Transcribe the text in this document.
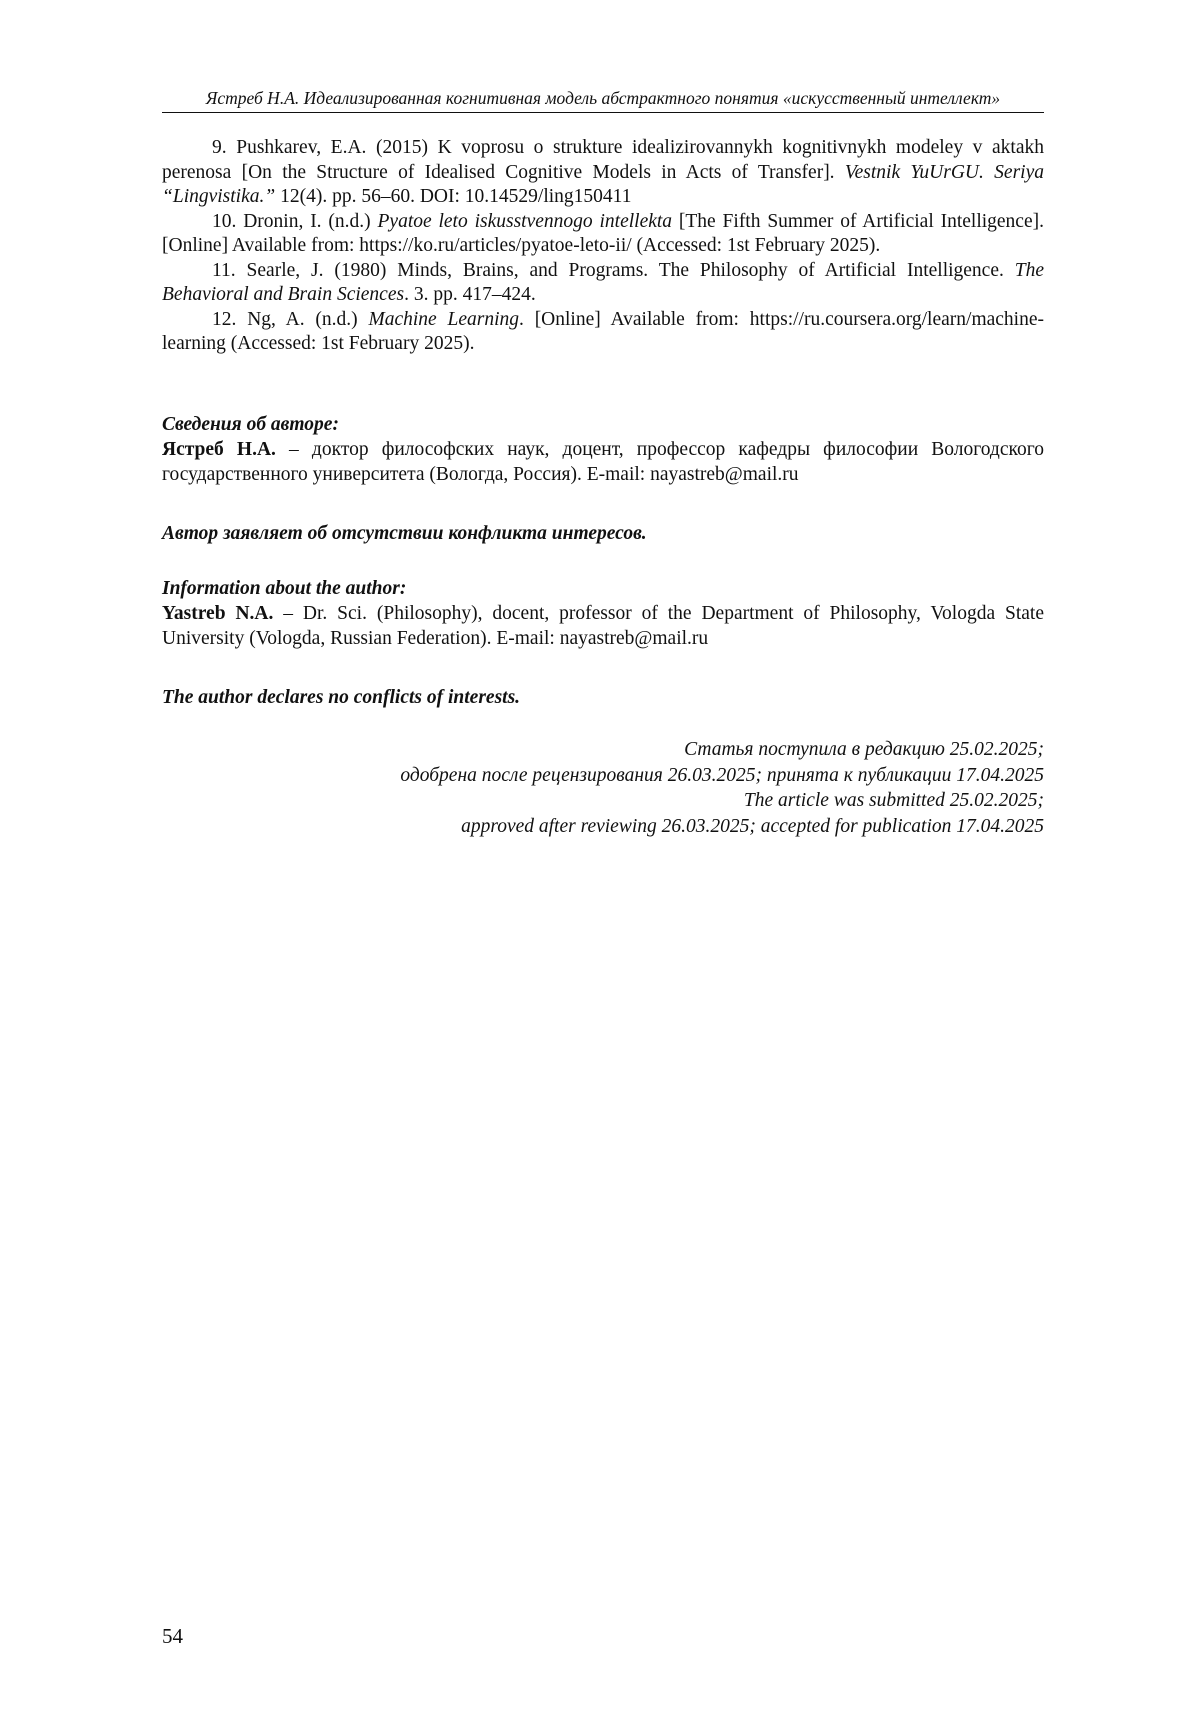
Ястреб Н.А. Идеализированная когнитивная модель абстрактного понятия «искусственный интеллект»

9. Pushkarev, E.A. (2015) K voprosu o strukture idealizirovannykh kognitivnykh modeley v aktakh perenosa [On the Structure of Idealised Cognitive Models in Acts of Transfer]. Vestnik YuUrGU. Seriya “Lingvistika.” 12(4). pp. 56–60. DOI: 10.14529/ling150411

10. Dronin, I. (n.d.) Pyatoe leto iskusstvennogo intellekta [The Fifth Summer of Artificial Intelligence]. [Online] Available from: https://ko.ru/articles/pyatoe-leto-ii/ (Accessed: 1st February 2025).

11. Searle, J. (1980) Minds, Brains, and Programs. The Philosophy of Artificial Intelligence. The Behavioral and Brain Sciences. 3. pp. 417–424.

12. Ng, A. (n.d.) Machine Learning. [Online] Available from: https://ru.coursera.org/learn/machine-learning (Accessed: 1st February 2025).

Сведения об авторе:

Ястреб Н.А. – доктор философских наук, доцент, профессор кафедры философии Вологодского государственного университета (Вологда, Россия). E-mail: nayastreb@mail.ru

Автор заявляет об отсутствии конфликта интересов.

Information about the author:

Yastreb N.A. – Dr. Sci. (Philosophy), docent, professor of the Department of Philosophy, Vologda State University (Vologda, Russian Federation). E-mail: nayastreb@mail.ru

The author declares no conflicts of interests.

Статья поступила в редакцию 25.02.2025;

одобрена после рецензирования 26.03.2025; принята к публикации 17.04.2025

The article was submitted 25.02.2025;

approved after reviewing 26.03.2025; accepted for publication 17.04.2025

54
